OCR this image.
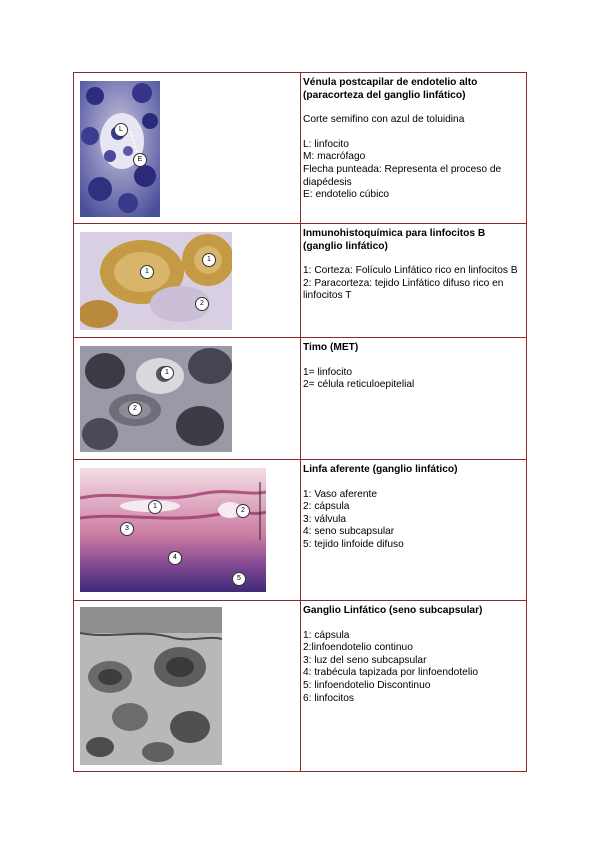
Vénula postcapilar de endotelio alto (paracorteza del ganglio linfático)

Corte semifino con azul de toluidina

L: linfocito

M: macrófago

Flecha punteada: Representa el proceso de diapédesis

E: endotelio cúbico

1
1
2

Inmunohistoquímica para linfocitos B (ganglio linfático)

1: Corteza: Folículo Linfático rico en linfocitos B

2: Paracorteza: tejido Linfático difuso rico en linfocitos T

1
2

Timo (MET)

1= linfocito

2= célula reticuloepitelial

1
2
3
4
5

Linfa aferente (ganglio linfático)

1: Vaso aferente

2: cápsula

3: válvula

4: seno subcapsular

5: tejido linfoide difuso

Ganglio Linfático (seno subcapsular)

1: cápsula

2:linfoendotelio continuo

3: luz del seno subcapsular

4: trabécula tapizada por linfoendotelio

5: linfoendotelio Discontinuo

6: linfocitos

L
E
